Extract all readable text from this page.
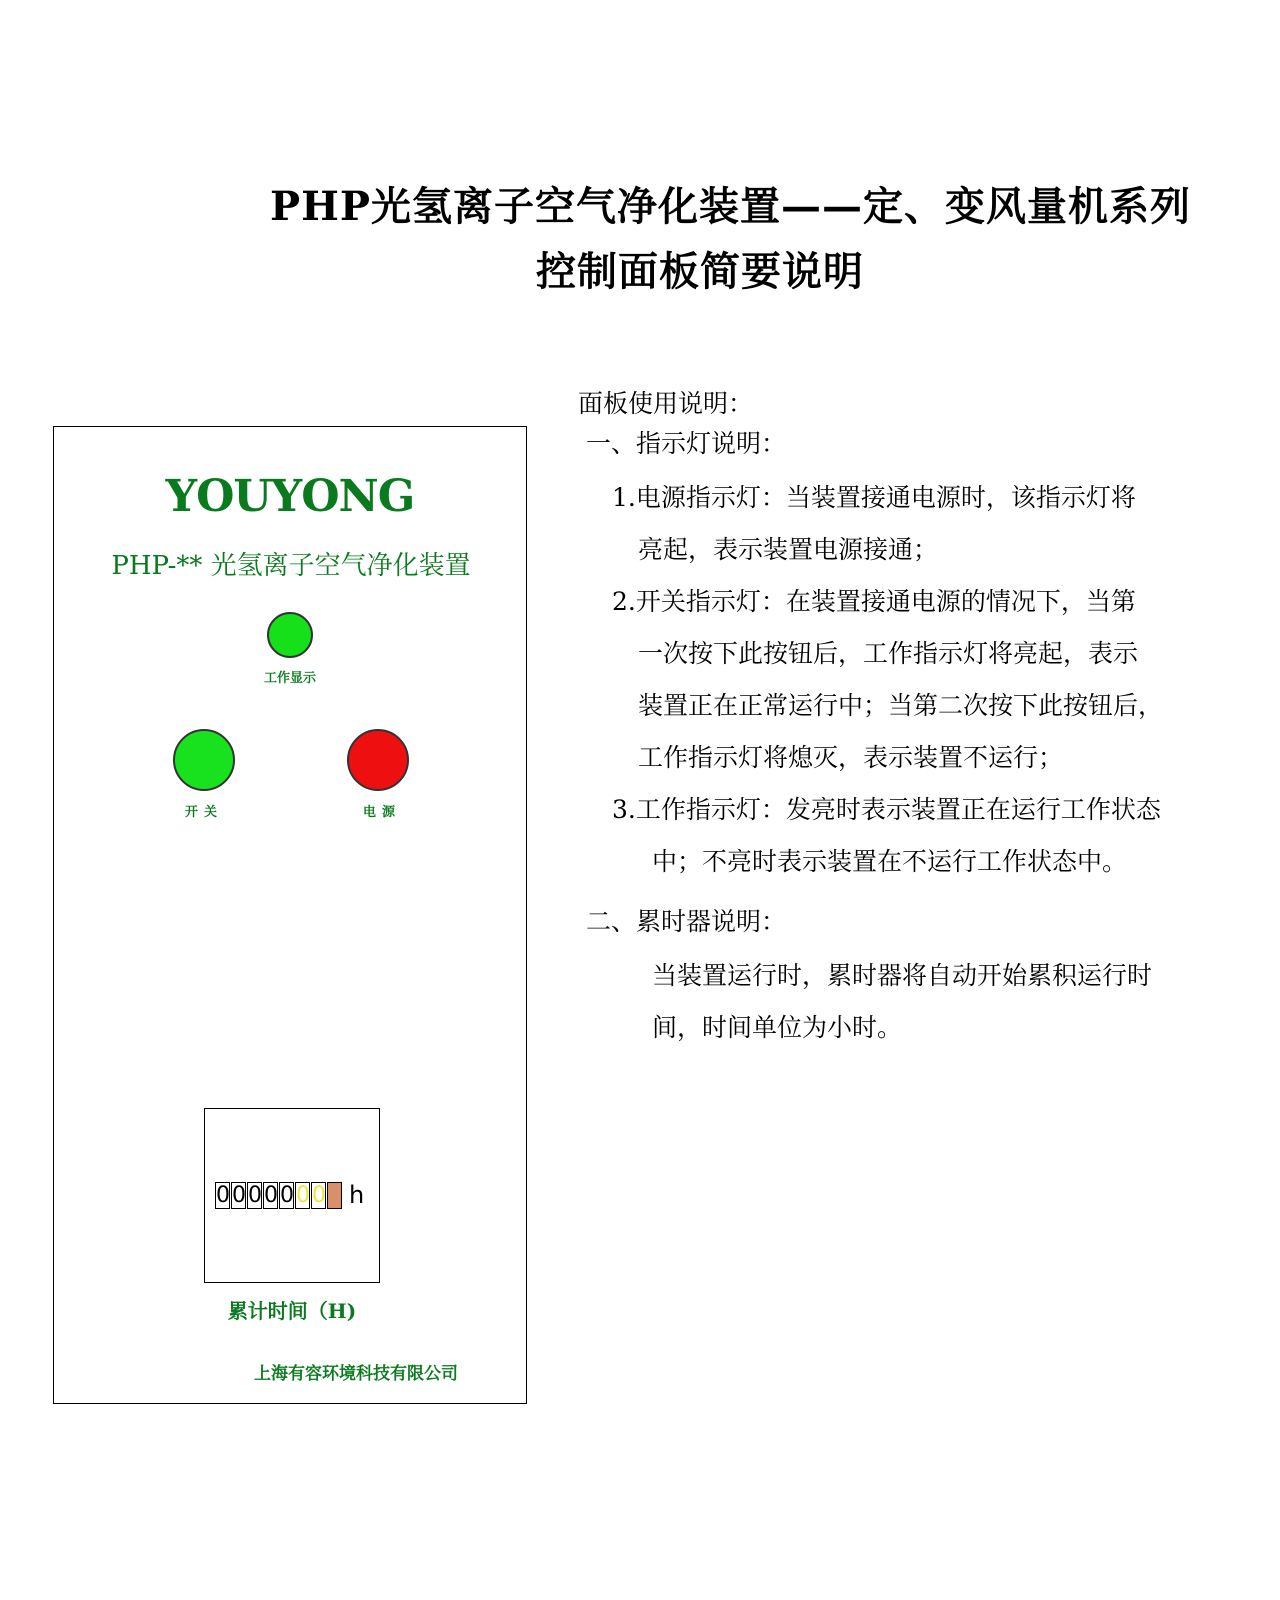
PHP光氢离子空气净化装置——定、变风量机系列
控制面板简要说明
YOUYONG
PHP-** 光氢离子空气净化装置
工作显示
开关	电源
0 0 0 0 0 0 0 h
累计时间（H)
上海有容环境科技有限公司
面板使用说明：
一、指示灯说明：
1.电源指示灯：当装置接通电源时，该指示灯将
亮起，表示装置电源接通；
2.开关指示灯：在装置接通电源的情况下，当第
一次按下此按钮后，工作指示灯将亮起，表示
装置正在正常运行中；当第二次按下此按钮后，
工作指示灯将熄灭，表示装置不运行；
3.工作指示灯：发亮时表示装置正在运行工作状态
中；不亮时表示装置在不运行工作状态中。
二、累时器说明：
当装置运行时，累时器将自动开始累积运行时
间，时间单位为小时。
